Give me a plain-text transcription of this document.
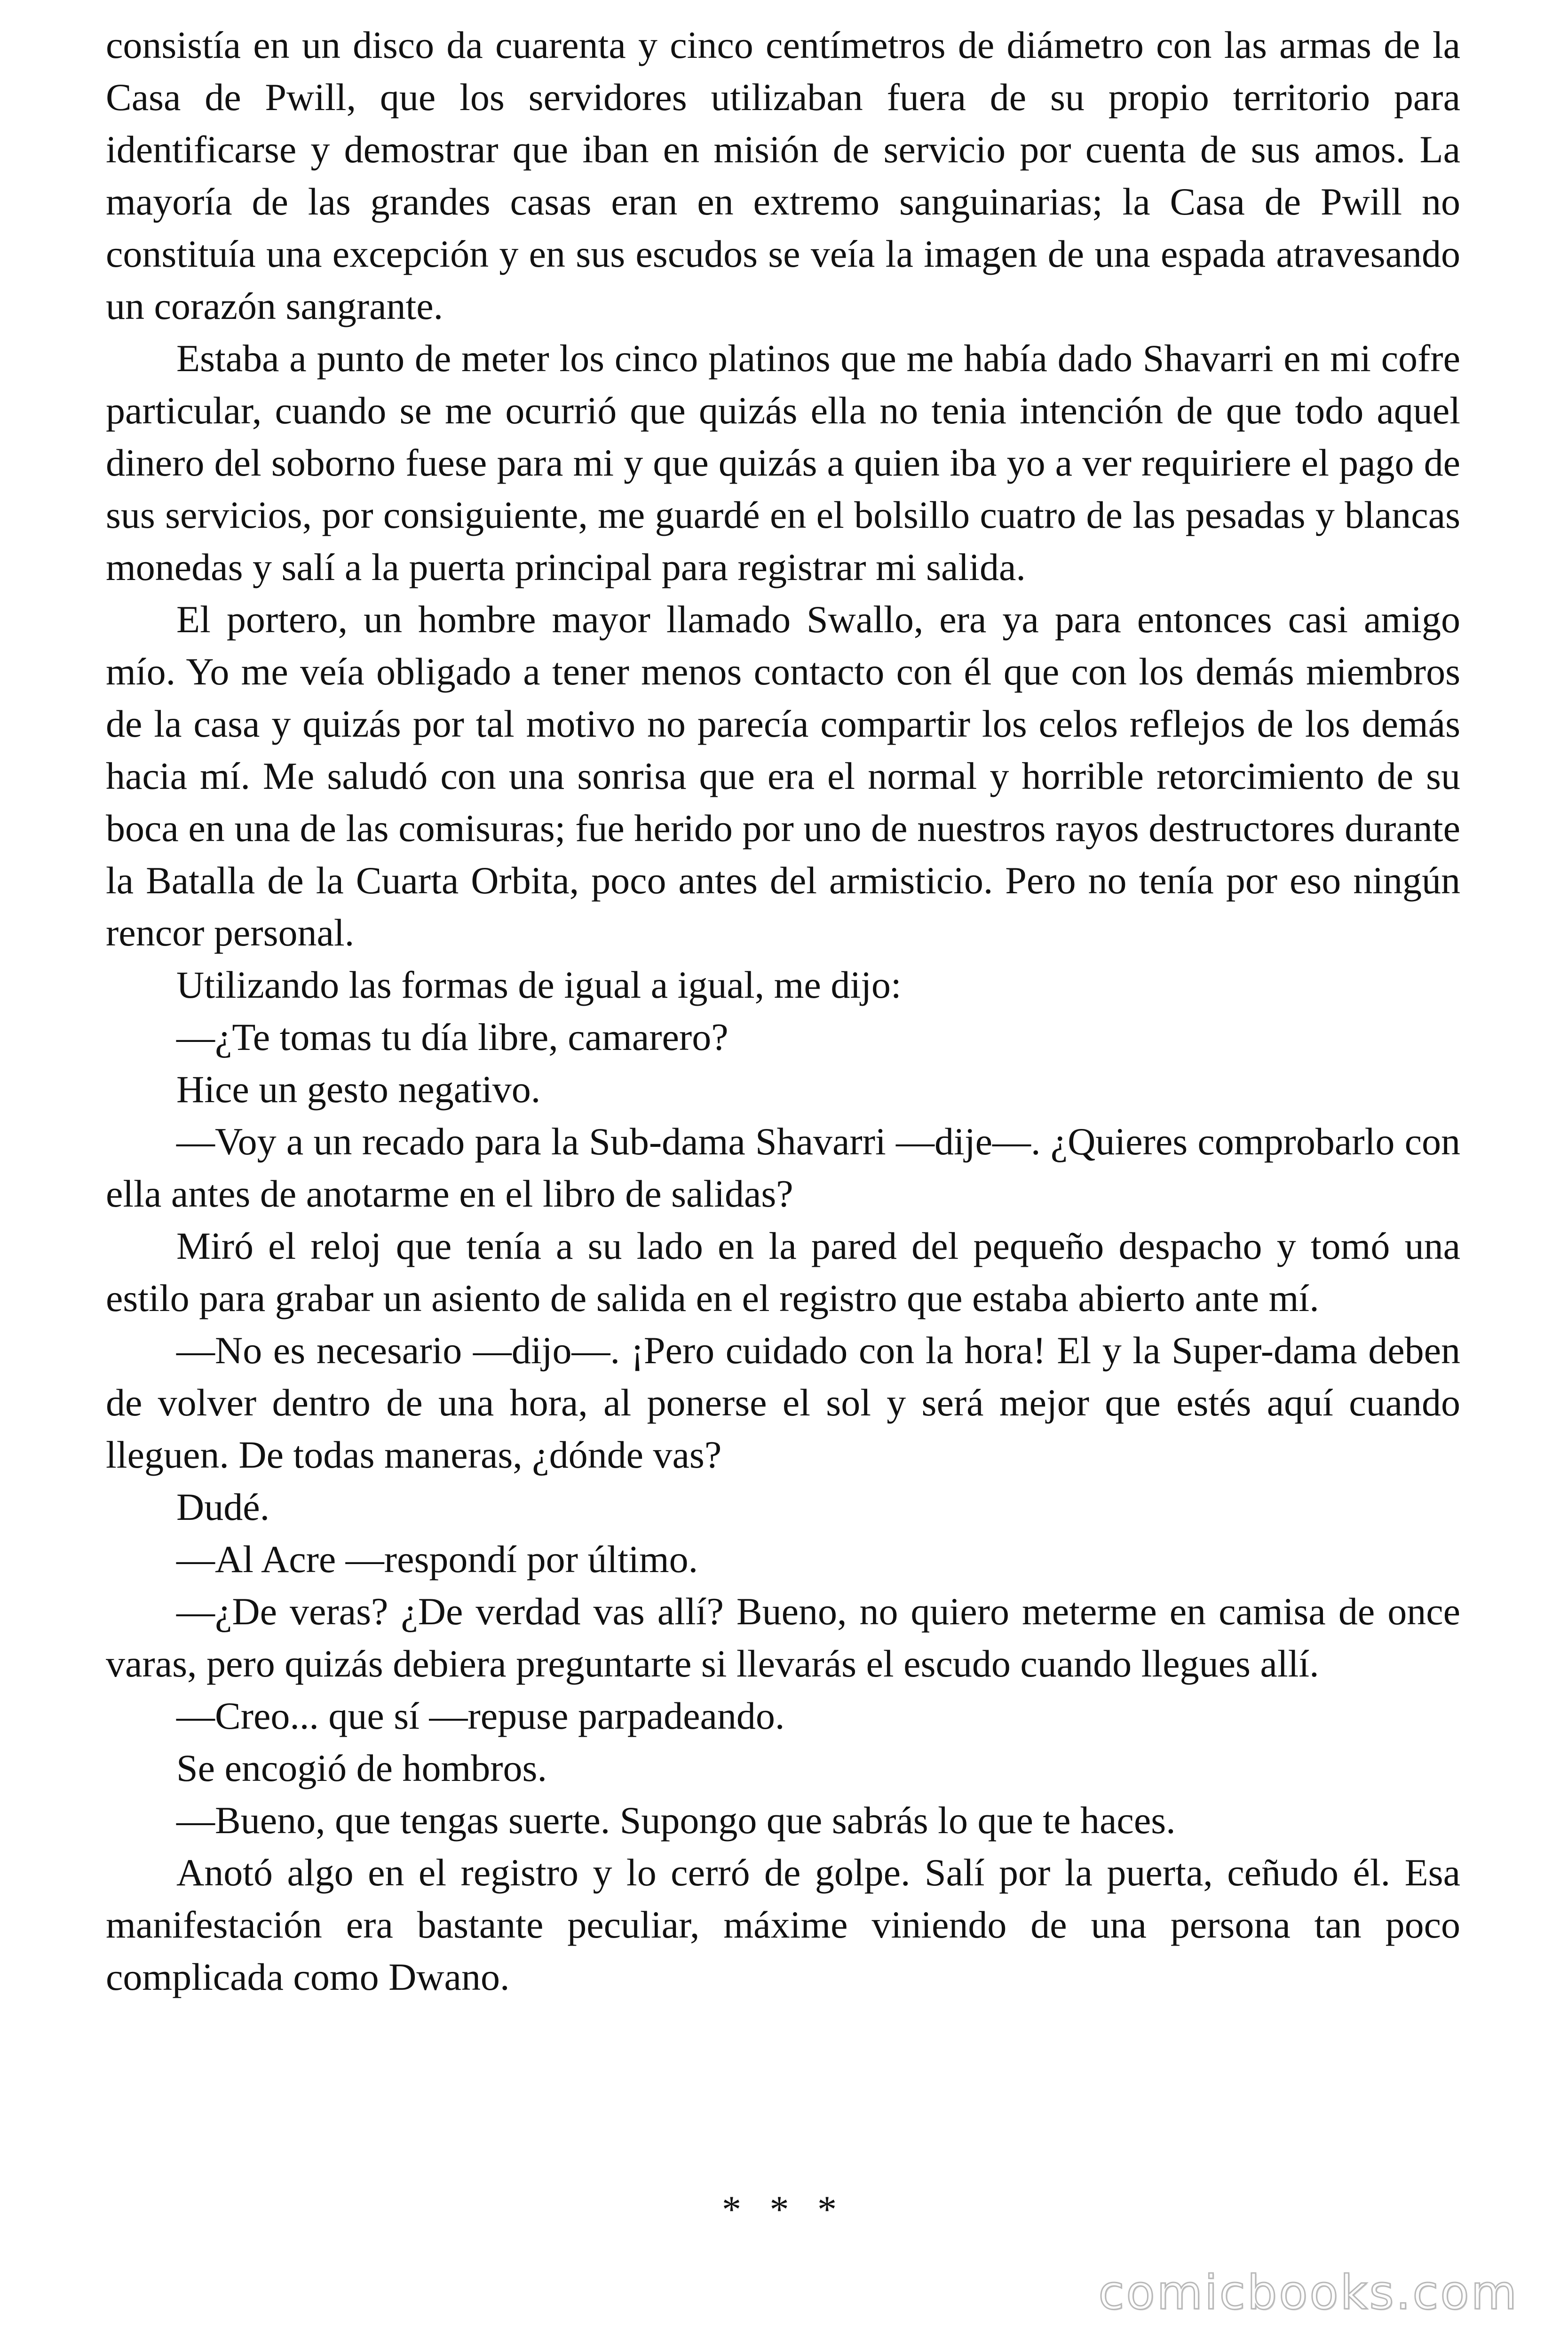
consistía en un disco da cuarenta y cinco centímetros de diámetro con las armas de la Casa de Pwill, que los servidores utilizaban fuera de su propio territorio para identificarse y demostrar que iban en misión de servicio por cuenta de sus amos. La mayoría de las grandes casas eran en extremo sanguinarias; la Casa de Pwill no constituía una excepción y en sus escudos se veía la imagen de una espada atravesando un corazón sangrante.

Estaba a punto de meter los cinco platinos que me había dado Shavarri en mi cofre particular, cuando se me ocurrió que quizás ella no tenia intención de que todo aquel dinero del soborno fuese para mi y que quizás a quien iba yo a ver requiriere el pago de sus servicios, por consiguiente, me guardé en el bolsillo cuatro de las pesadas y blancas monedas y salí a la puerta principal para registrar mi salida.

El portero, un hombre mayor llamado Swallo, era ya para entonces casi amigo mío. Yo me veía obligado a tener menos contacto con él que con los demás miembros de la casa y quizás por tal motivo no parecía compartir los celos reflejos de los demás hacia mí. Me saludó con una sonrisa que era el normal y horrible retorcimiento de su boca en una de las comisuras; fue herido por uno de nuestros rayos destructores durante la Batalla de la Cuarta Orbita, poco antes del armisticio. Pero no tenía por eso ningún rencor personal.

Utilizando las formas de igual a igual, me dijo:

—¿Te tomas tu día libre, camarero?

Hice un gesto negativo.

—Voy a un recado para la Sub-dama Shavarri —dije—. ¿Quieres comprobarlo con ella antes de anotarme en el libro de salidas?

Miró el reloj que tenía a su lado en la pared del pequeño despacho y tomó una estilo para grabar un asiento de salida en el registro que estaba abierto ante mí.

—No es necesario —dijo—. ¡Pero cuidado con la hora! El y la Super-dama deben de volver dentro de una hora, al ponerse el sol y será mejor que estés aquí cuando lleguen. De todas maneras, ¿dónde vas?

Dudé.

—Al Acre —respondí por último.

—¿De veras? ¿De verdad vas allí? Bueno, no quiero meterme en camisa de once varas, pero quizás debiera preguntarte si llevarás el escudo cuando llegues allí.

—Creo... que sí —repuse parpadeando.

Se encogió de hombros.

—Bueno, que tengas suerte. Supongo que sabrás lo que te haces.

Anotó algo en el registro y lo cerró de golpe. Salí por la puerta, ceñudo él. Esa manifestación era bastante peculiar, máxime viniendo de una persona tan poco complicada como Dwano.

* * *
comicbooks.com
